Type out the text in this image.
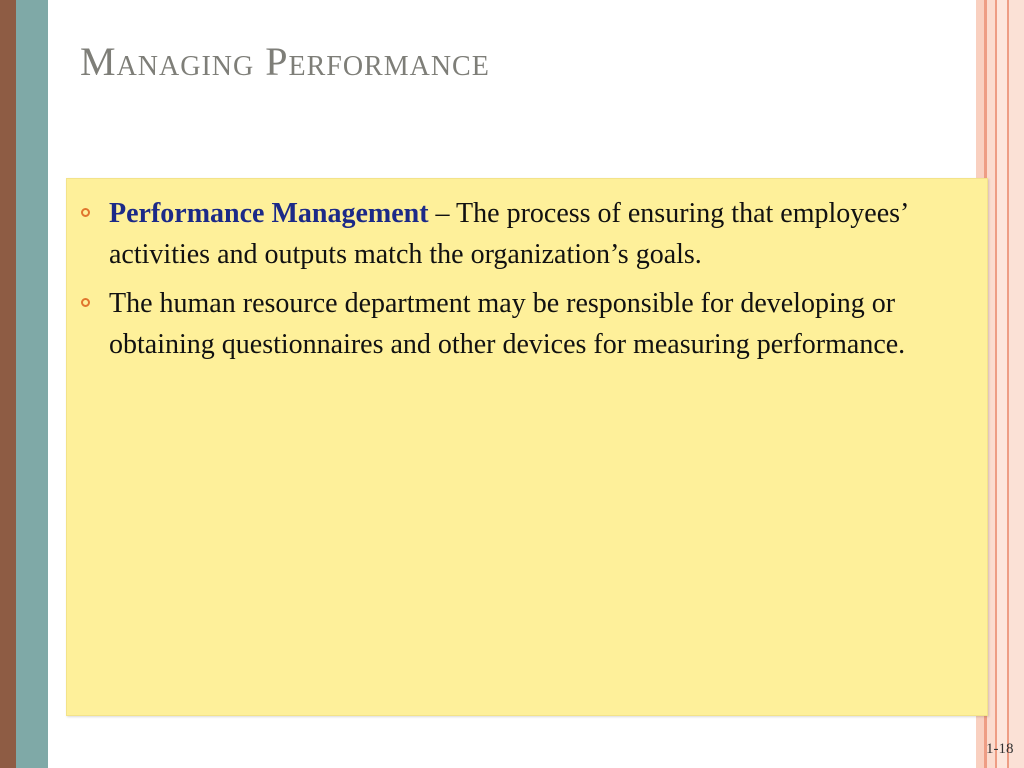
Managing Performance
Performance Management – The process of ensuring that employees’ activities and outputs match the organization’s goals.
The human resource department may be responsible for developing or obtaining questionnaires and other devices for measuring performance.
1-18
